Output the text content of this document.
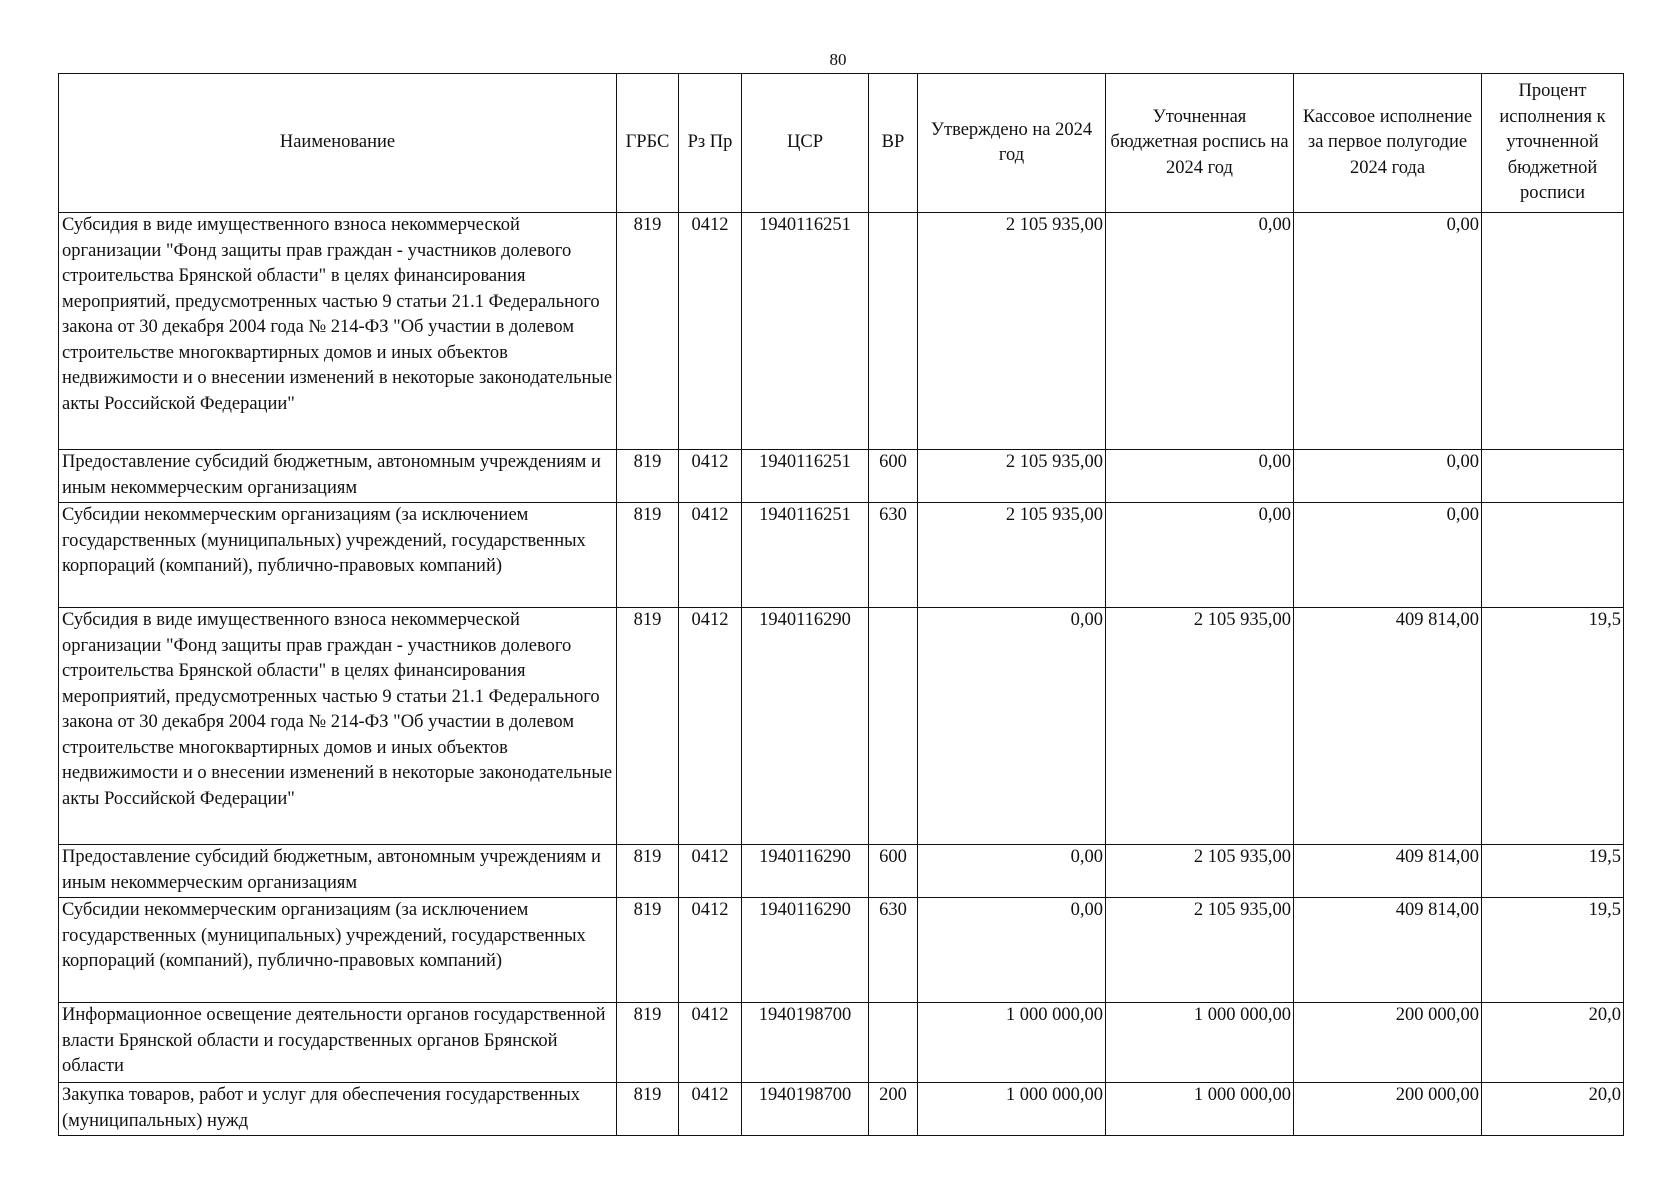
80
Наименование	ГРБС	Рз Пр	ЦСР	ВР	Утверждено на 2024 год	Уточненная бюджетная роспись на 2024 год	Кассовое исполнение за первое полугодие 2024 года	Процент исполнения к уточненной бюджетной росписи
Субсидия в виде имущественного взноса некоммерческой организации "Фонд защиты прав граждан - участников долевого строительства Брянской области" в целях финансирования мероприятий, предусмотренных частью 9 статьи 21.1 Федерального закона от 30 декабря 2004 года № 214-ФЗ "Об участии в долевом строительстве многоквартирных домов и иных объектов недвижимости и о внесении изменений в некоторые законодательные акты Российской Федерации"	819	0412	1940116251		2 105 935,00	0,00	0,00	
Предоставление субсидий бюджетным, автономным учреждениям и иным некоммерческим организациям	819	0412	1940116251	600	2 105 935,00	0,00	0,00	
Субсидии некоммерческим организациям (за исключением государственных (муниципальных) учреждений, государственных корпораций (компаний), публично-правовых компаний)	819	0412	1940116251	630	2 105 935,00	0,00	0,00	
Субсидия в виде имущественного взноса некоммерческой организации "Фонд защиты прав граждан - участников долевого строительства Брянской области" в целях финансирования мероприятий, предусмотренных частью 9 статьи 21.1 Федерального закона от 30 декабря 2004 года № 214-ФЗ "Об участии в долевом строительстве многоквартирных домов и иных объектов недвижимости и о внесении изменений в некоторые законодательные акты Российской Федерации"	819	0412	1940116290		0,00	2 105 935,00	409 814,00	19,5
Предоставление субсидий бюджетным, автономным учреждениям и иным некоммерческим организациям	819	0412	1940116290	600	0,00	2 105 935,00	409 814,00	19,5
Субсидии некоммерческим организациям (за исключением государственных (муниципальных) учреждений, государственных корпораций (компаний), публично-правовых компаний)	819	0412	1940116290	630	0,00	2 105 935,00	409 814,00	19,5
Информационное освещение деятельности органов государственной власти Брянской области и государственных органов Брянской области	819	0412	1940198700		1 000 000,00	1 000 000,00	200 000,00	20,0
Закупка товаров, работ и услуг для обеспечения государственных (муниципальных) нужд	819	0412	1940198700	200	1 000 000,00	1 000 000,00	200 000,00	20,0
